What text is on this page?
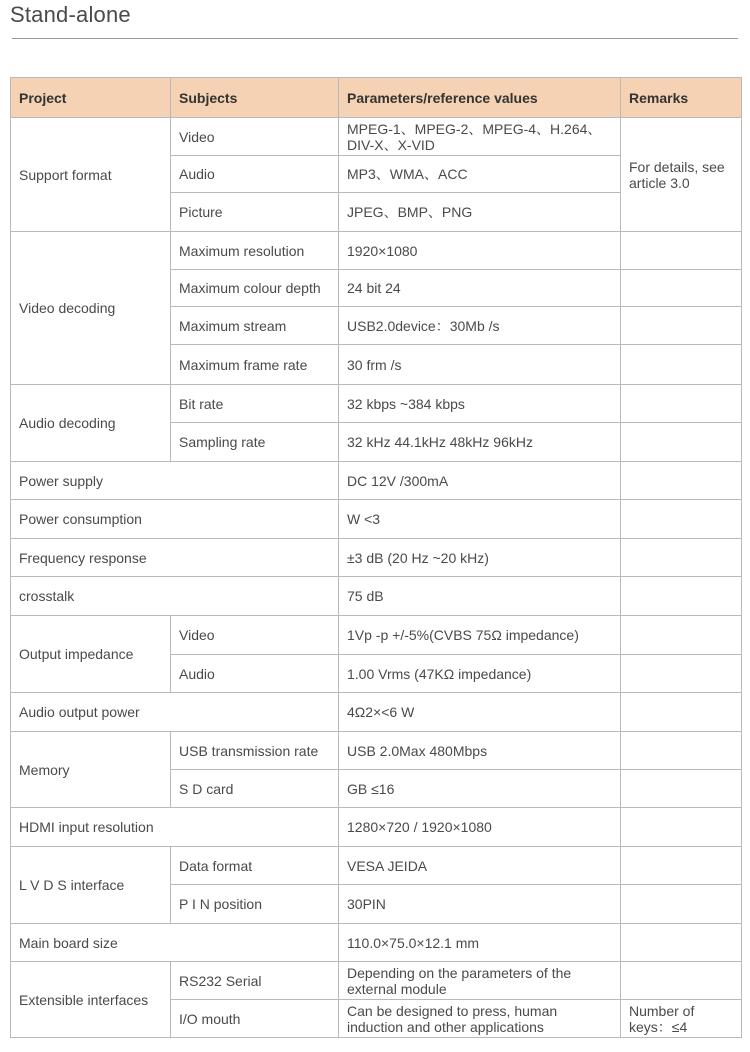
Stand-alone
Project	Subjects	Parameters/reference values	Remarks
Support format	Video	MPEG-1、MPEG-2、MPEG-4、H.264、DIV-X、X-VID	For details, see article 3.0
	Audio	MP3、WMA、ACC	
	Picture	JPEG、BMP、PNG	
Video decoding	Maximum resolution	1920×1080	
	Maximum colour depth	24 bit 24	
	Maximum stream	USB2.0device：30Mb /s	
	Maximum frame rate	30 frm /s	
Audio decoding	Bit rate	32 kbps ~384 kbps	
	Sampling rate	32 kHz 44.1kHz 48kHz 96kHz	
Power supply		DC 12V /300mA	
Power consumption		W <3	
Frequency response		±3 dB (20 Hz ~20 kHz)	
crosstalk		75 dB	
Output impedance	Video	1Vp -p +/-5%(CVBS 75Ω impedance)	
	Audio	1.00 Vrms (47KΩ impedance)	
Audio output power		4Ω2×<6 W	
Memory	USB transmission rate	USB 2.0Max 480Mbps	
	S D card	GB ≤16	
HDMI input resolution		1280×720 / 1920×1080	
L V D S interface	Data format	VESA JEIDA	
	P I N position	30PIN	
Main board size		110.0×75.0×12.1 mm	
Extensible interfaces	RS232 Serial	Depending on the parameters of the external module	
	I/O mouth	Can be designed to press, human induction and other applications	Number of keys：≤4
